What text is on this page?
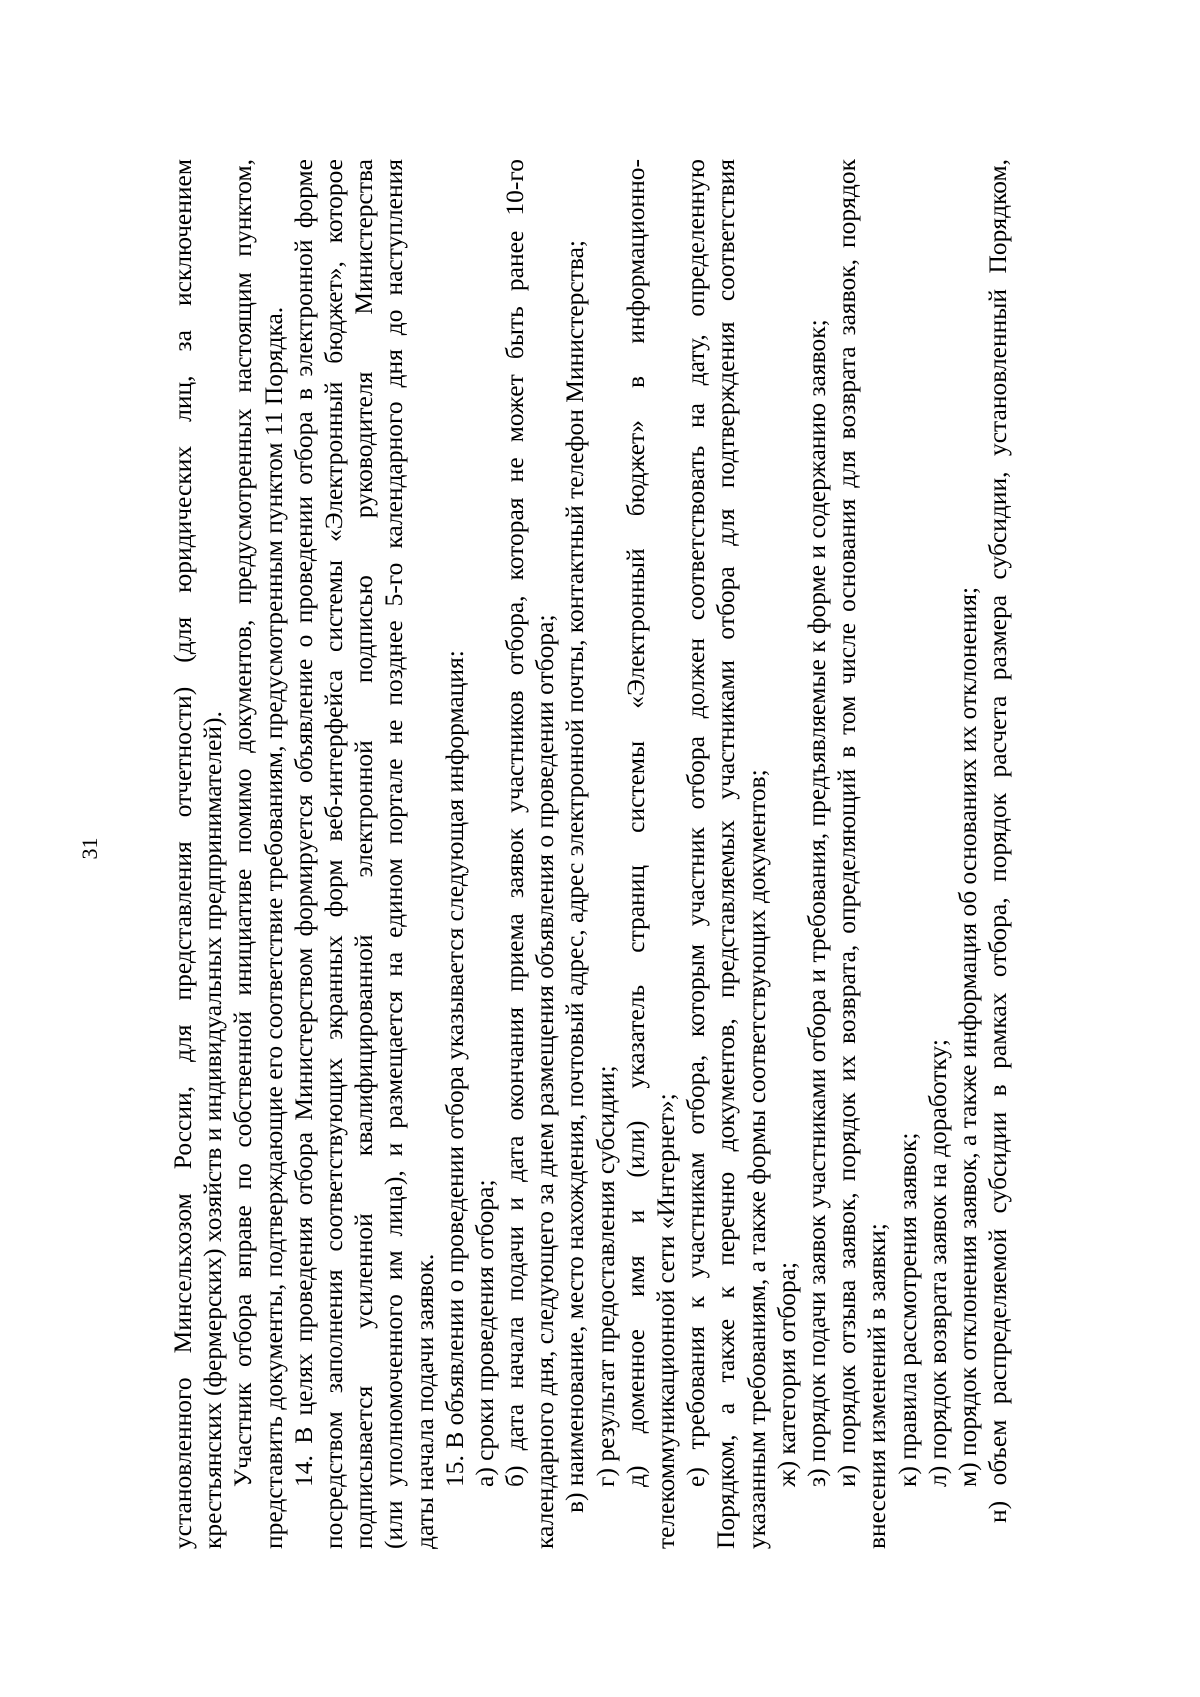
31	установленного Минсельхозом России, для представления отчетности) (для юридических лиц, за исключением крестьянских (фермерских) хозяйств и индивидуальных предпринимателей). Участник отбора вправе по собственной инициативе помимо документов, предусмотренных настоящим пунктом, представить документы, подтверждающие его соответствие требованиям, предусмотренным пунктом 11 Порядка. 14. В целях проведения отбора Министерством формируется объявление о проведении отбора в электронной форме посредством заполнения соответствующих экранных форм веб-интерфейса системы «Электронный бюджет», которое подписывается усиленной квалифицированной электронной подписью руководителя Министерства (или уполномоченного им лица), и размещается на едином портале не позднее 5-го календарного дня до наступления даты начала подачи заявок. 15. В объявлении о проведении отбора указывается следующая информация: а) сроки проведения отбора; б) дата начала подачи и дата окончания приема заявок участников отбора, которая не может быть ранее 10-го календарного дня, следующего за днем размещения объявления о проведении отбора; в) наименование, место нахождения, почтовый адрес, адрес электронной почты, контактный телефон Министерства; г) результат предоставления субсидии; д) доменное имя и (или) указатель страниц системы «Электронный бюджет» в информационно- телекоммуникационной сети «Интернет»; е) требования к участникам отбора, которым участник отбора должен соответствовать на дату, определенную Порядком, а также к перечню документов, представляемых участниками отбора для подтверждения соответствия указанным требованиям, а также формы соответствующих документов; ж) категория отбора; з) порядок подачи заявок участниками отбора и требования, предъявляемые к форме и содержанию заявок; и) порядок отзыва заявок, порядок их возврата, определяющий в том числе основания для возврата заявок, порядок внесения изменений в заявки; к) правила рассмотрения заявок; л) порядок возврата заявок на доработку; м) порядок отклонения заявок, а также информация об основаниях их отклонения; н) объем распределяемой субсидии в рамках отбора, порядок расчета размера субсидии, установленный Порядком,
